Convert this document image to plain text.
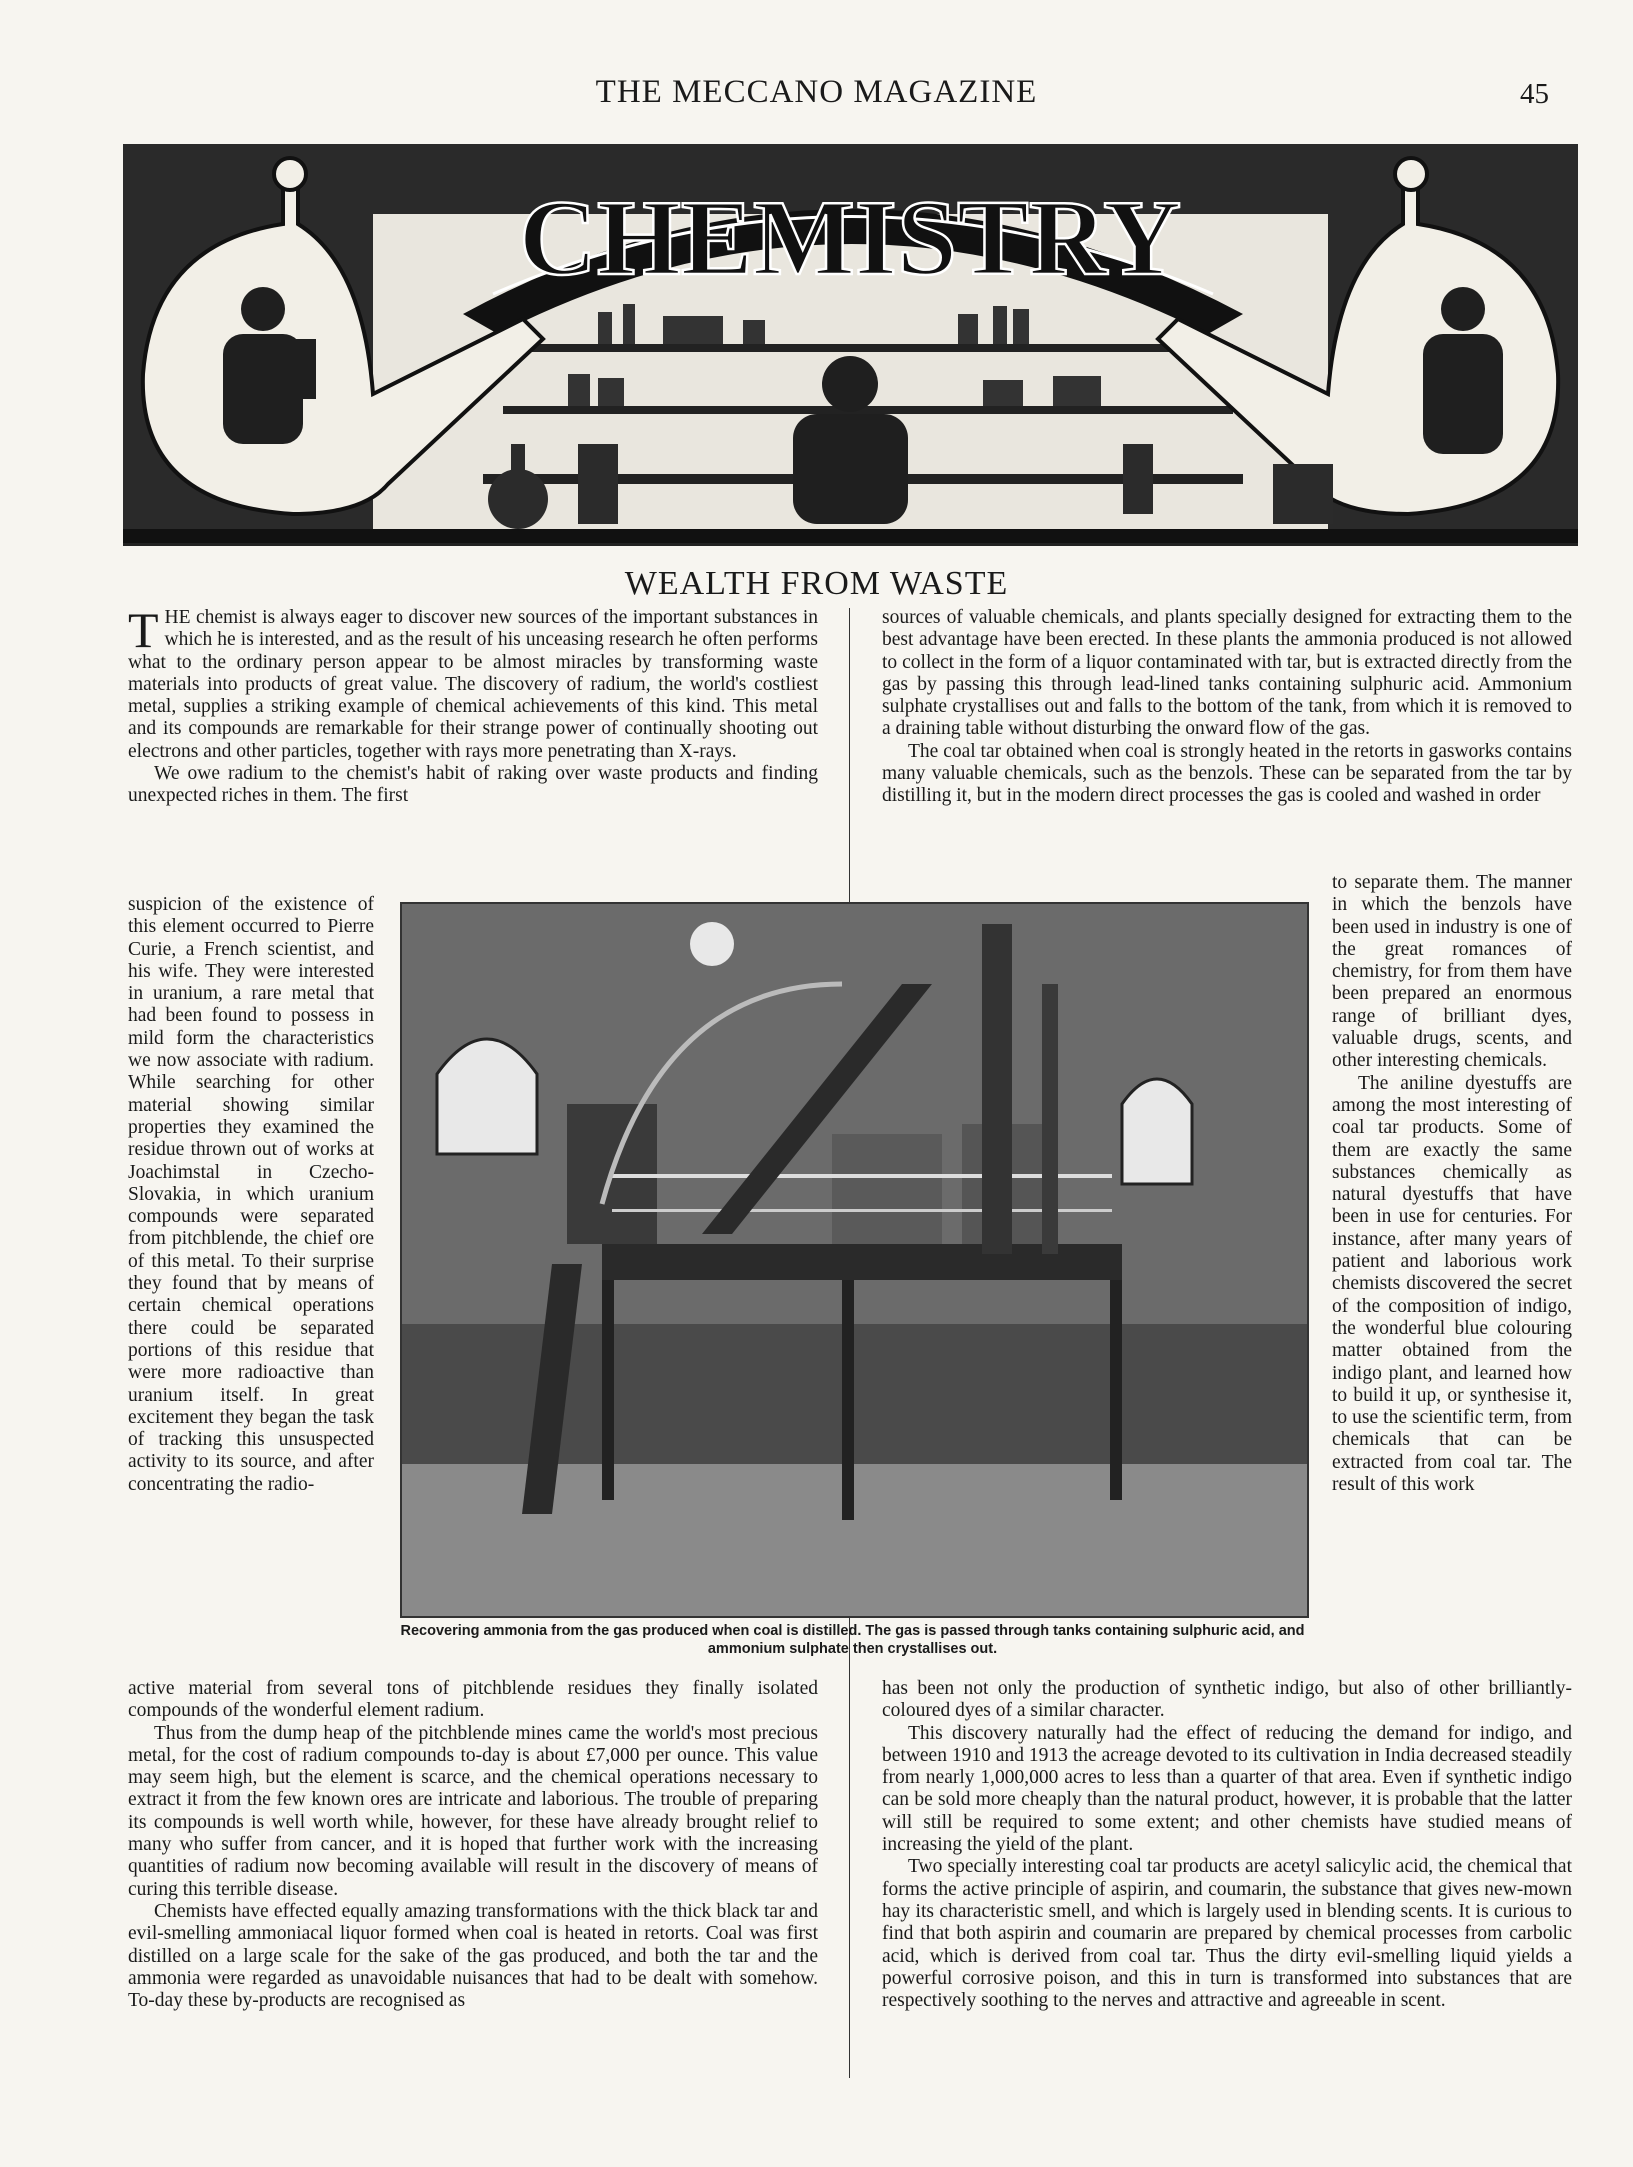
THE MECCANO MAGAZINE	45
CHEMISTRY
WEALTH FROM WASTE

THE chemist is always eager to discover new sources of the important substances in which he is interested, and as the result of his unceasing research he often performs what to the ordinary person appear to be almost miracles by transforming waste materials into products of great value. The discovery of radium, the world's costliest metal, supplies a striking example of chemical achievements of this kind. This metal and its compounds are remarkable for their strange power of continually shooting out electrons and other particles, together with rays more penetrating than X-rays.

We owe radium to the chemist's habit of raking over waste products and finding unexpected riches in them. The first

suspicion of the existence of this element occurred to Pierre Curie, a French scientist, and his wife. They were interested in uranium, a rare metal that had been found to possess in mild form the characteristics we now associate with radium. While searching for other material showing similar properties they examined the residue thrown out of works at Joachimstal in Czecho-Slovakia, in which uranium compounds were separated from pitchblende, the chief ore of this metal. To their surprise they found that by means of certain chemical operations there could be separated portions of this residue that were more radioactive than uranium itself. In great excitement they began the task of tracking this unsuspected activity to its source, and after concentrating the radio-

Recovering ammonia from the gas produced when coal is distilled. The gas is passed through tanks containing sulphuric acid, and ammonium sulphate then crystallises out.

active material from several tons of pitchblende residues they finally isolated compounds of the wonderful element radium.

Thus from the dump heap of the pitchblende mines came the world's most precious metal, for the cost of radium compounds to-day is about £7,000 per ounce. This value may seem high, but the element is scarce, and the chemical operations necessary to extract it from the few known ores are intricate and laborious. The trouble of preparing its compounds is well worth while, however, for these have already brought relief to many who suffer from cancer, and it is hoped that further work with the increasing quantities of radium now becoming available will result in the discovery of means of curing this terrible disease.

Chemists have effected equally amazing transformations with the thick black tar and evil-smelling ammoniacal liquor formed when coal is heated in retorts. Coal was first distilled on a large scale for the sake of the gas produced, and both the tar and the ammonia were regarded as unavoidable nuisances that had to be dealt with somehow. To-day these by-products are recognised as

sources of valuable chemicals, and plants specially designed for extracting them to the best advantage have been erected. In these plants the ammonia produced is not allowed to collect in the form of a liquor contaminated with tar, but is extracted directly from the gas by passing this through lead-lined tanks containing sulphuric acid. Ammonium sulphate crystallises out and falls to the bottom of the tank, from which it is removed to a draining table without disturbing the onward flow of the gas.

The coal tar obtained when coal is strongly heated in the retorts in gasworks contains many valuable chemicals, such as the benzols. These can be separated from the tar by distilling it, but in the modern direct processes the gas is cooled and washed in order

to separate them. The manner in which the benzols have been used in industry is one of the great romances of chemistry, for from them have been prepared an enormous range of brilliant dyes, valuable drugs, scents, and other interesting chemicals.

The aniline dyestuffs are among the most interesting of coal tar products. Some of them are exactly the same substances chemically as natural dyestuffs that have been in use for centuries. For instance, after many years of patient and laborious work chemists discovered the secret of the composition of indigo, the wonderful blue colouring matter obtained from the indigo plant, and learned how to build it up, or synthesise it, to use the scientific term, from chemicals that can be extracted from coal tar. The result of this work

has been not only the production of synthetic indigo, but also of other brilliantly-coloured dyes of a similar character.

This discovery naturally had the effect of reducing the demand for indigo, and between 1910 and 1913 the acreage devoted to its cultivation in India decreased steadily from nearly 1,000,000 acres to less than a quarter of that area. Even if synthetic indigo can be sold more cheaply than the natural product, however, it is probable that the latter will still be required to some extent; and other chemists have studied means of increasing the yield of the plant.

Two specially interesting coal tar products are acetyl salicylic acid, the chemical that forms the active principle of aspirin, and coumarin, the substance that gives new-mown hay its characteristic smell, and which is largely used in blending scents. It is curious to find that both aspirin and coumarin are prepared by chemical processes from carbolic acid, which is derived from coal tar. Thus the dirty evil-smelling liquid yields a powerful corrosive poison, and this in turn is transformed into substances that are respectively soothing to the nerves and attractive and agreeable in scent.
